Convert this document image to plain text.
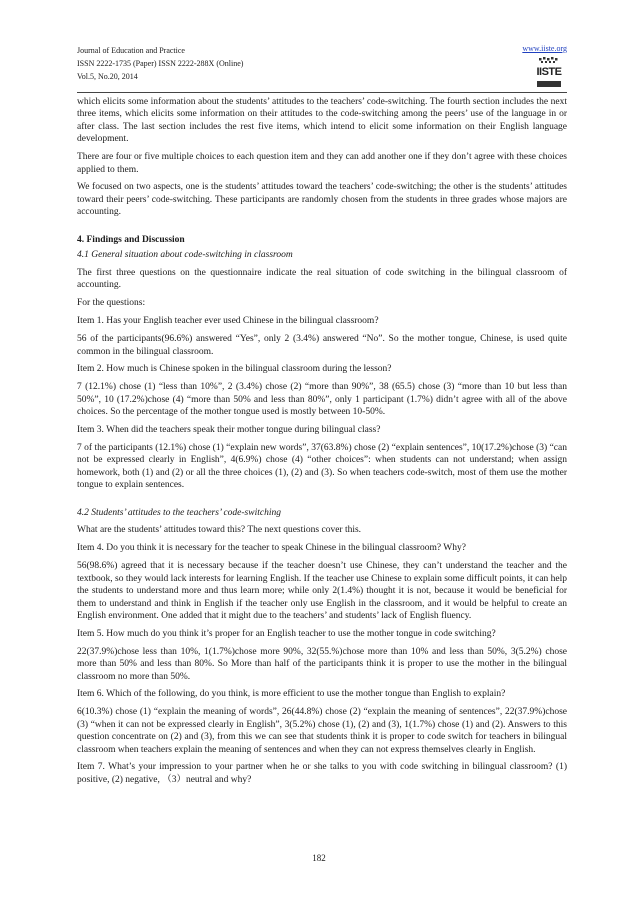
Journal of Education and Practice
ISSN 2222-1735 (Paper) ISSN 2222-288X (Online)
Vol.5, No.20, 2014
www.iiste.org
IISTE

which elicits some information about the students’ attitudes to the teachers’ code-switching. The fourth section includes the next three items, which elicits some information on their attitudes to the code-switching among the peers’ use of the language in or after class. The last section includes the rest five items, which intend to elicit some information on their English language development.

There are four or five multiple choices to each question item and they can add another one if they don’t agree with these choices applied to them.

We focused on two aspects, one is the students’ attitudes toward the teachers’ code-switching; the other is the students’ attitudes toward their peers’ code-switching. These participants are randomly chosen from the students in three grades whose majors are accounting.

4. Findings and Discussion
4.1 General situation about code-switching in classroom

The first three questions on the questionnaire indicate the real situation of code switching in the bilingual classroom of accounting.

For the questions:

Item 1. Has your English teacher ever used Chinese in the bilingual classroom?

56 of the participants(96.6%) answered “Yes”, only 2 (3.4%) answered “No”. So the mother tongue, Chinese, is used quite common in the bilingual classroom.

Item 2. How much is Chinese spoken in the bilingual classroom during the lesson?

7 (12.1%) chose (1) “less than 10%”, 2 (3.4%) chose (2) “more than 90%”, 38 (65.5) chose (3) “more than 10 but less than 50%”, 10 (17.2%)chose (4) “more than 50% and less than 80%”, only 1 participant (1.7%) didn’t agree with all of the above choices. So the percentage of the mother tongue used is mostly between 10-50%.

Item 3. When did the teachers speak their mother tongue during bilingual class?

7 of the participants (12.1%) chose (1) “explain new words”, 37(63.8%) chose (2) “explain sentences”, 10(17.2%)chose (3) “can not be expressed clearly in English”, 4(6.9%) chose (4) “other choices”: when students can not understand; when assign homework, both (1) and (2) or all the three choices (1), (2) and (3). So when teachers code-switch, most of them use the mother tongue to explain sentences.

4.2 Students’ attitudes to the teachers’ code-switching

What are the students’ attitudes toward this? The next questions cover this.

Item 4. Do you think it is necessary for the teacher to speak Chinese in the bilingual classroom? Why?

56(98.6%) agreed that it is necessary because if the teacher doesn’t use Chinese, they can’t understand the teacher and the textbook, so they would lack interests for learning English. If the teacher use Chinese to explain some difficult points, it can help the students to understand more and thus learn more; while only 2(1.4%) thought it is not, because it would be beneficial for them to understand and think in English if the teacher only use English in the classroom, and it would be helpful to create an English environment. One added that it might due to the teachers’ and students’ lack of English fluency.

Item 5. How much do you think it’s proper for an English teacher to use the mother tongue in code switching?

22(37.9%)chose less than 10%, 1(1.7%)chose more 90%, 32(55.%)chose more than 10% and less than 50%, 3(5.2%) chose more than 50% and less than 80%. So More than half of the participants think it is proper to use the mother in the bilingual classroom no more than 50%.

Item 6. Which of the following, do you think, is more efficient to use the mother tongue than English to explain?

6(10.3%) chose (1) “explain the meaning of words”, 26(44.8%) chose (2) “explain the meaning of sentences”, 22(37.9%)chose (3) “when it can not be expressed clearly in English”, 3(5.2%) chose (1), (2) and (3), 1(1.7%) chose (1) and (2). Answers to this question concentrate on (2) and (3), from this we can see that students think it is proper to code switch for teachers in bilingual classroom when teachers explain the meaning of sentences and when they can not express themselves clearly in English.

Item 7. What’s your impression to your partner when he or she talks to you with code switching in bilingual classroom? (1) positive, (2) negative, （3）neutral and why?

182
